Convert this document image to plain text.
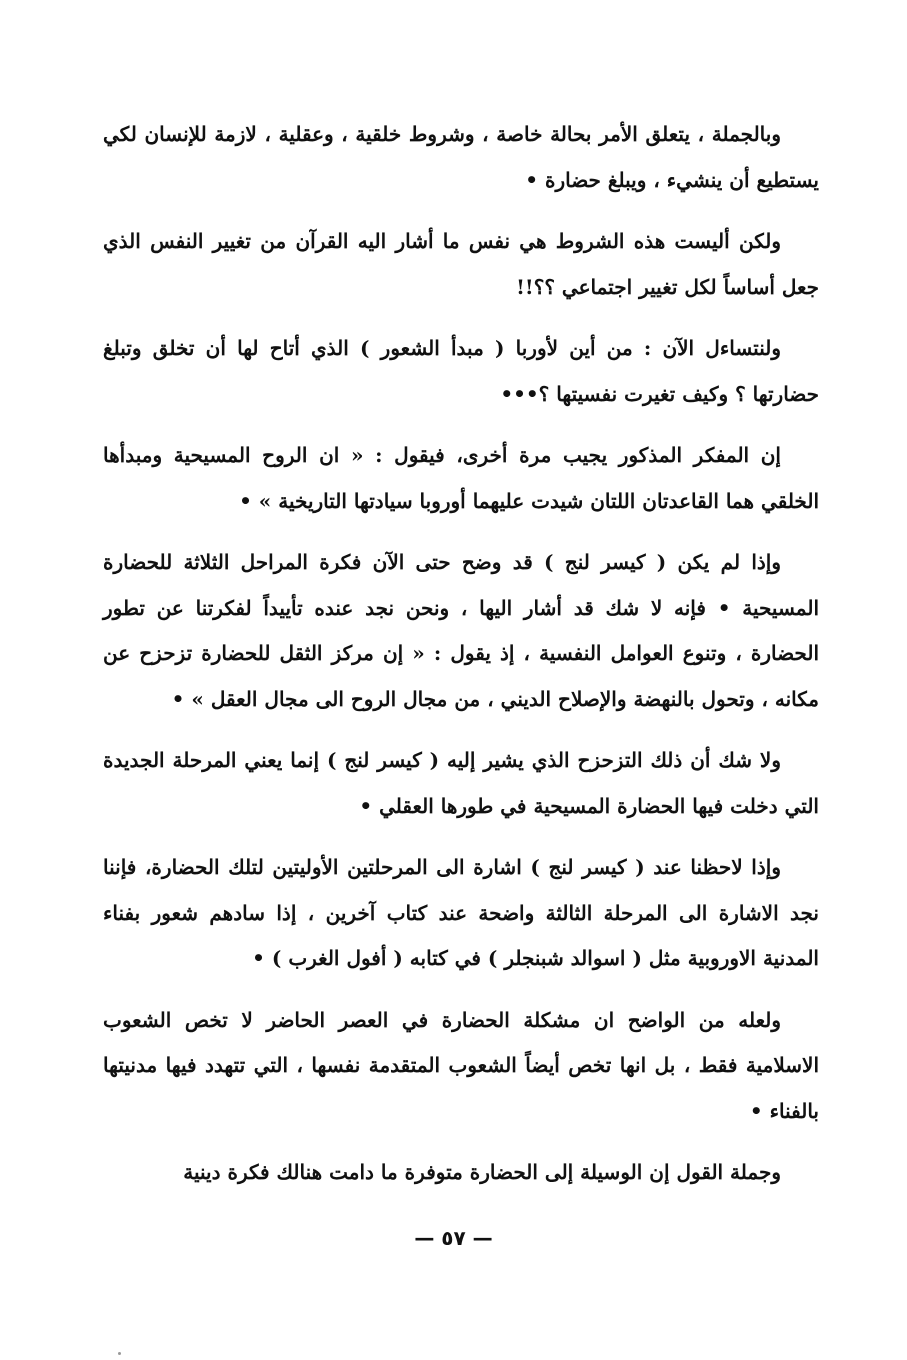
وبالجملة ، يتعلق الأمر بحالة خاصة ، وشروط خلقية ، وعقلية ، لازمة للإنسان لكي يستطيع أن ينشيء ، ويبلغ حضارة •

ولكن أليست هذه الشروط هي نفس ما أشار اليه القرآن من تغيير النفس الذي جعل أساساً لكل تغيير اجتماعي ؟؟!!

ولنتساءل الآن : من أين لأوربا ( مبدأ الشعور ) الذي أتاح لها أن تخلق وتبلغ حضارتها ؟ وكيف تغيرت نفسيتها ؟•••

إن المفكر المذكور يجيب مرة أخرى، فيقول : « ان الروح المسيحية ومبدأها الخلقي هما القاعدتان اللتان شيدت عليهما أوروبا سيادتها التاريخية » •

وإذا لم يكن ( كيسر لنج ) قد وضح حتى الآن فكرة المراحل الثلاثة للحضارة المسيحية • فإنه لا شك قد أشار اليها ، ونحن نجد عنده تأييداً لفكرتنا عن تطور الحضارة ، وتنوع العوامل النفسية ، إذ يقول : « إن مركز الثقل للحضارة تزحزح عن مكانه ، وتحول بالنهضة والإصلاح الديني ، من مجال الروح الى مجال العقل » •

ولا شك أن ذلك التزحزح الذي يشير إليه ( كيسر لنج ) إنما يعني المرحلة الجديدة التي دخلت فيها الحضارة المسيحية في طورها العقلي •

وإذا لاحظنا عند ( كيسر لنج ) اشارة الى المرحلتين الأوليتين لتلك الحضارة، فإننا نجد الاشارة الى المرحلة الثالثة واضحة عند كتاب آخرين ، إذا سادهم شعور بفناء المدنية الاوروبية مثل ( اسوالد شبنجلر ) في كتابه ( أفول الغرب ) •

ولعله من الواضح ان مشكلة الحضارة في العصر الحاضر لا تخص الشعوب الاسلامية فقط ، بل انها تخص أيضاً الشعوب المتقدمة نفسها ، التي تتهدد فيها مدنيتها بالفناء •

وجملة القول إن الوسيلة إلى الحضارة متوفرة ما دامت هنالك فكرة دينية

— ٥٧ —
